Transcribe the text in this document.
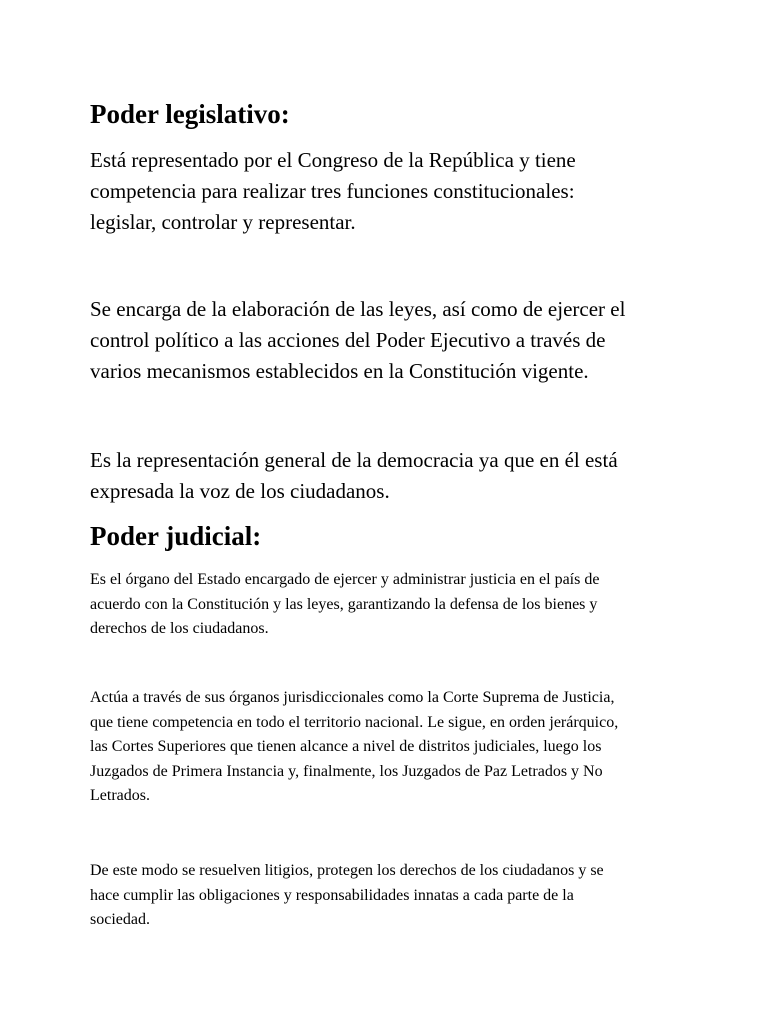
Poder legislativo:

Está representado por el Congreso de la República y tiene
competencia para realizar tres funciones constitucionales:
legislar, controlar y representar.

Se encarga de la elaboración de las leyes, así como de ejercer el
control político a las acciones del Poder Ejecutivo a través de
varios mecanismos establecidos en la Constitución vigente.

Es la representación general de la democracia ya que en él está
expresada la voz de los ciudadanos.

Poder judicial:

Es el órgano del Estado encargado de ejercer y administrar justicia en el país de
acuerdo con la Constitución y las leyes, garantizando la defensa de los bienes y
derechos de los ciudadanos.

Actúa a través de sus órganos jurisdiccionales como la Corte Suprema de Justicia,
que tiene competencia en todo el territorio nacional. Le sigue, en orden jerárquico,
las Cortes Superiores que tienen alcance a nivel de distritos judiciales, luego los
Juzgados de Primera Instancia y, finalmente, los Juzgados de Paz Letrados y No
Letrados.

De este modo se resuelven litigios, protegen los derechos de los ciudadanos y se
hace cumplir las obligaciones y responsabilidades innatas a cada parte de la
sociedad.
